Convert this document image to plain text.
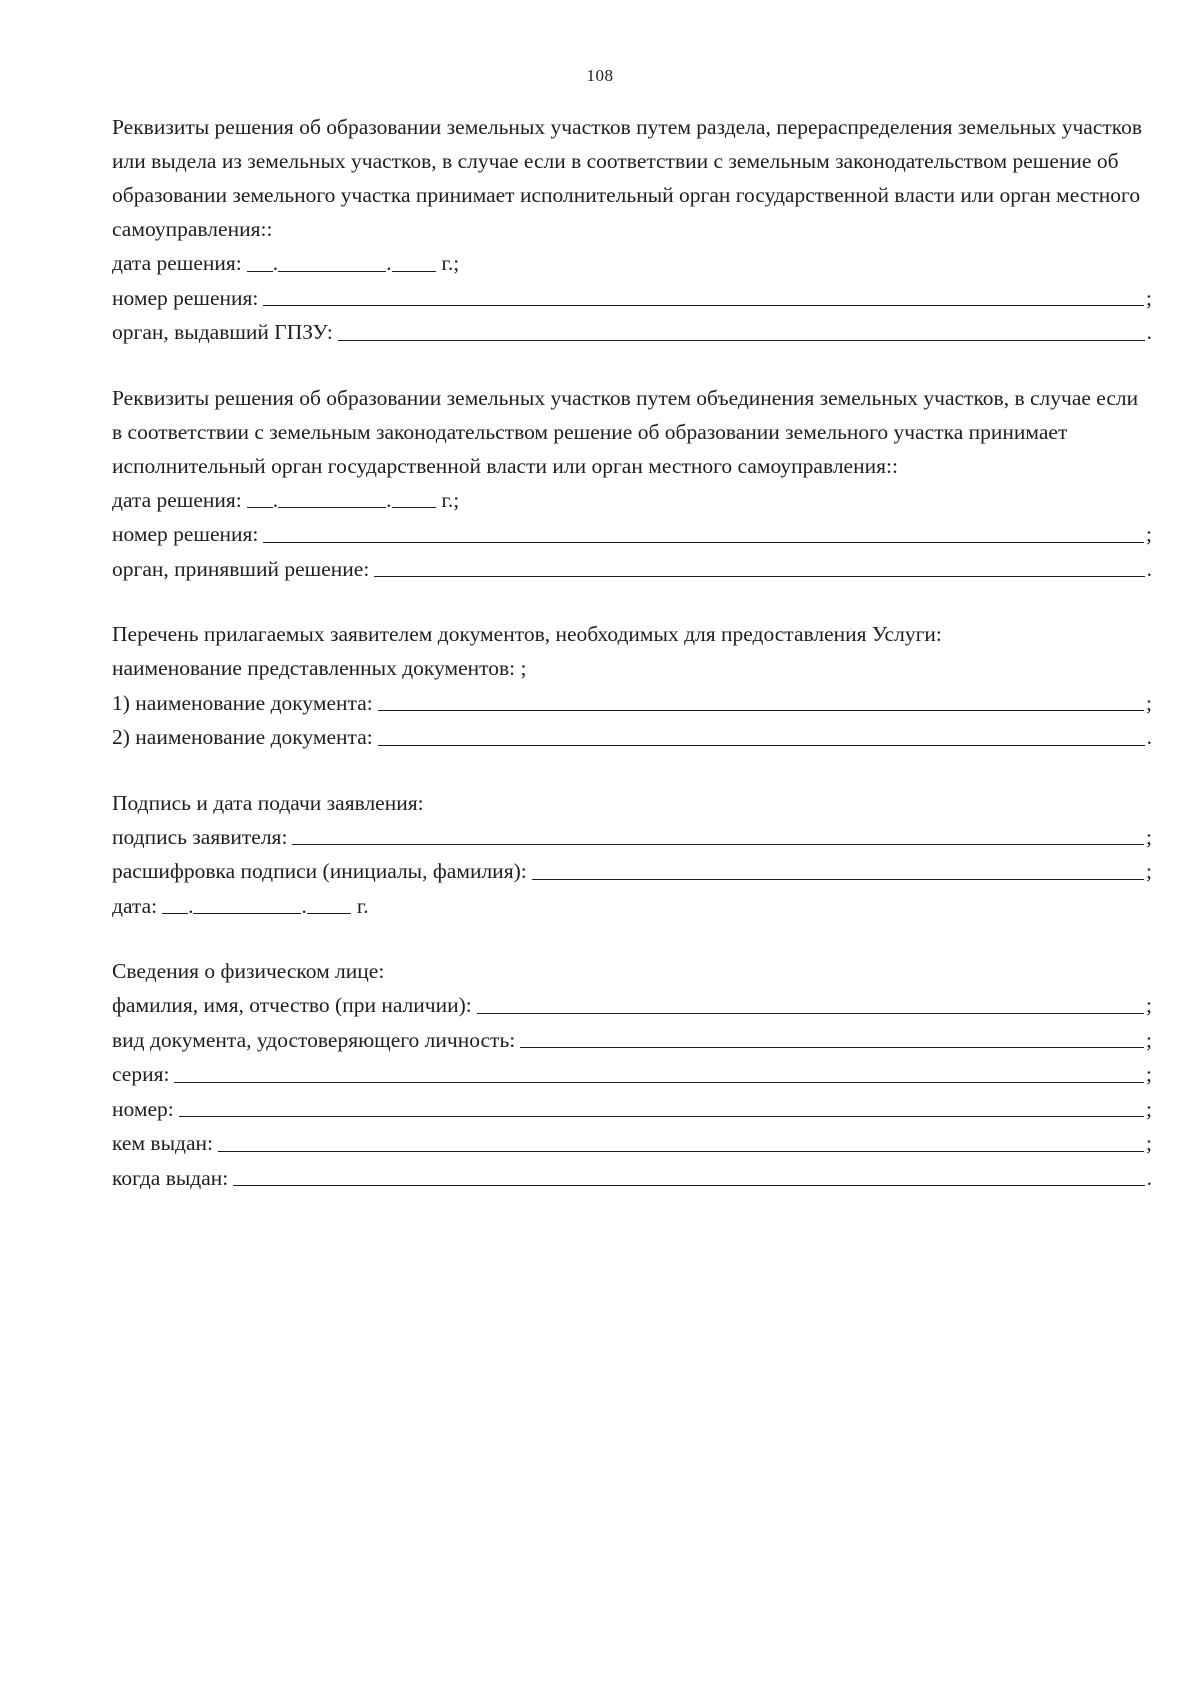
108

Реквизиты решения об образовании земельных участков путем раздела, перераспределения земельных участков или выдела из земельных участков, в случае если в соответствии с земельным законодательством решение об образовании земельного участка принимает исполнительный орган государственной власти или орган местного самоуправления::

дата решения: .	. г.;
номер решения:	;
орган, выдавший ГПЗУ:	.

Реквизиты решения об образовании земельных участков путем объединения земельных участков, в случае если в соответствии с земельным законодательством решение об образовании земельного участка принимает исполнительный орган государственной власти или орган местного самоуправления::

дата решения: .	. г.;
номер решения:	;
орган, принявший решение:	.

Перечень прилагаемых заявителем документов, необходимых для предоставления Услуги:

наименование представленных документов: ;

1) наименование документа:	;
2) наименование документа:	.

Подпись и дата подачи заявления:

подпись заявителя:	;
расшифровка подписи (инициалы, фамилия):	;
дата: .	. г.

Сведения о физическом лице:

фамилия, имя, отчество (при наличии):	;
вид документа, удостоверяющего личность:	;
серия:	;
номер:	;
кем выдан:	;
когда выдан:	.
